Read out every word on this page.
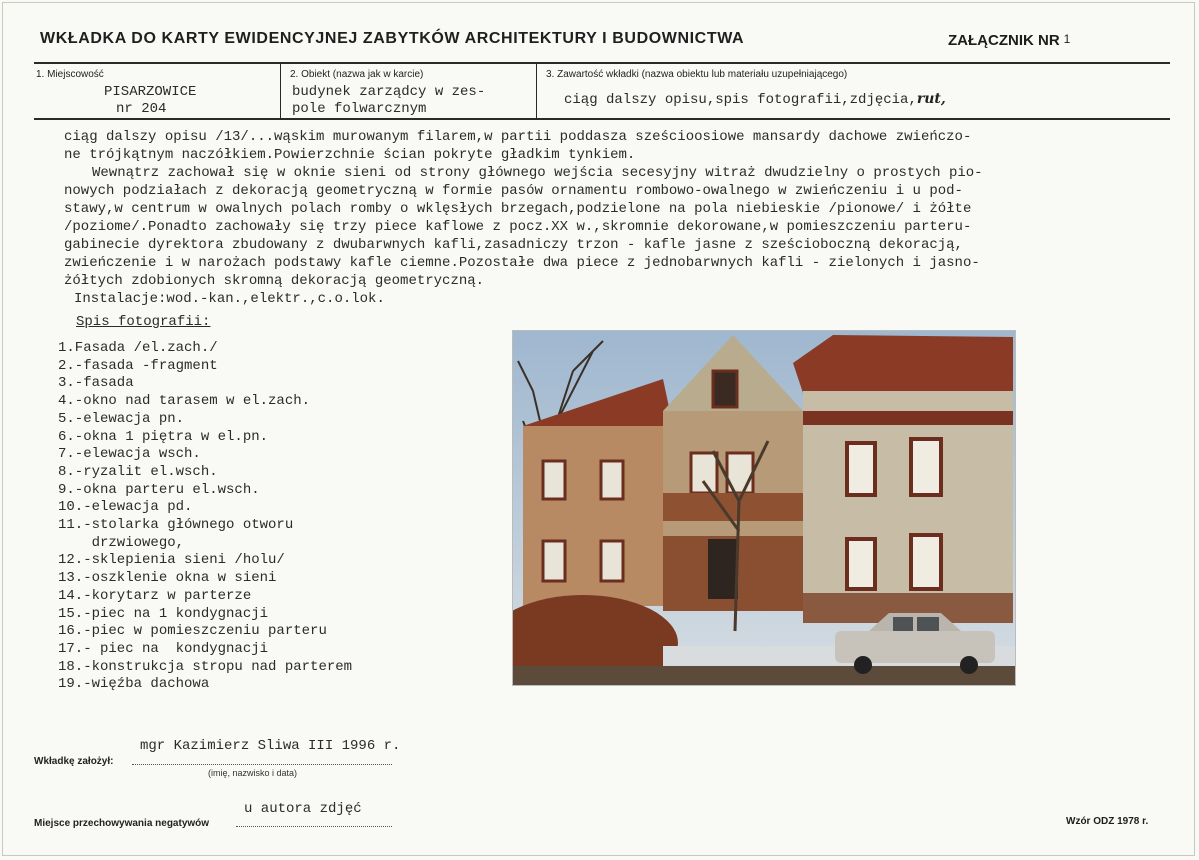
WKŁADKA DO KARTY EWIDENCYJNEJ ZABYTKÓW ARCHITEKTURY I BUDOWNICTWA	ZAŁĄCZNIK NR $^1$
1. Miejscowość
PISARZOWICE
nr 204
2. Obiekt (nazwa jak w karcie)
budynek zarządcy w zes-
pole folwarcznym
3. Zawartość wkładki (nazwa obiektu lub materiału uzupełniającego)
ciąg dalszy opisu,spis fotografii,zdjęcia,rut,
ciąg dalszy opisu /13/...wąskim murowanym filarem,w partii poddasza sześcioosiowe mansardy dachowe zwieńczo-
ne trójkątnym naczółkiem.Powierzchnie ścian pokryte gładkim tynkiem.
Wewnątrz zachował się w oknie sieni od strony głównego wejścia secesyjny witraż dwudzielny o prostych pio-
nowych podziałach z dekoracją geometryczną w formie pasów ornamentu rombowo-owalnego w zwieńczeniu i u pod-
stawy,w centrum w owalnych polach romby o wklęsłych brzegach,podzielone na pola niebieskie /pionowe/ i żółte
/poziome/.Ponadto zachowały się trzy piece kaflowe z pocz.XX w.,skromnie dekorowane,w pomieszczeniu parteru-
gabinecie dyrektora zbudowany z dwubarwnych kafli,zasadniczy trzon - kafle jasne z sześcioboczną dekoracją,
zwieńczenie i w narożach podstawy kafle ciemne.Pozostałe dwa piece z jednobarwnych kafli - zielonych i jasno-
żółtych zdobionych skromną dekoracją geometryczną.
Instalacje:wod.-kan.,elektr.,c.o.lok.
Spis fotografii:
1.Fasada /el.zach./
2.-fasada -fragment
3.-fasada
4.-okno nad tarasem w el.zach.
5.-elewacja pn.
6.-okna 1 piętra w el.pn.
7.-elewacja wsch.
8.-ryzalit el.wsch.
9.-okna parteru el.wsch.
10.-elewacja pd.
11.-stolarka głównego otworu
drzwiowego,
12.-sklepienia sieni /holu/
13.-oszklenie okna w sieni
14.-korytarz w parterze
15.-piec na 1 kondygnacji
16.-piec w pomieszczeniu parteru
17.- piec na  kondygnacji
18.-konstrukcja stropu nad parterem
19.-więźba dachowa
Wkładkę założył:
mgr Kazimierz Sliwa III 1996 r.
(imię, nazwisko i data)
Miejsce przechowywania negatywów
u autora zdjęć
Wzór ODZ 1978 r.
